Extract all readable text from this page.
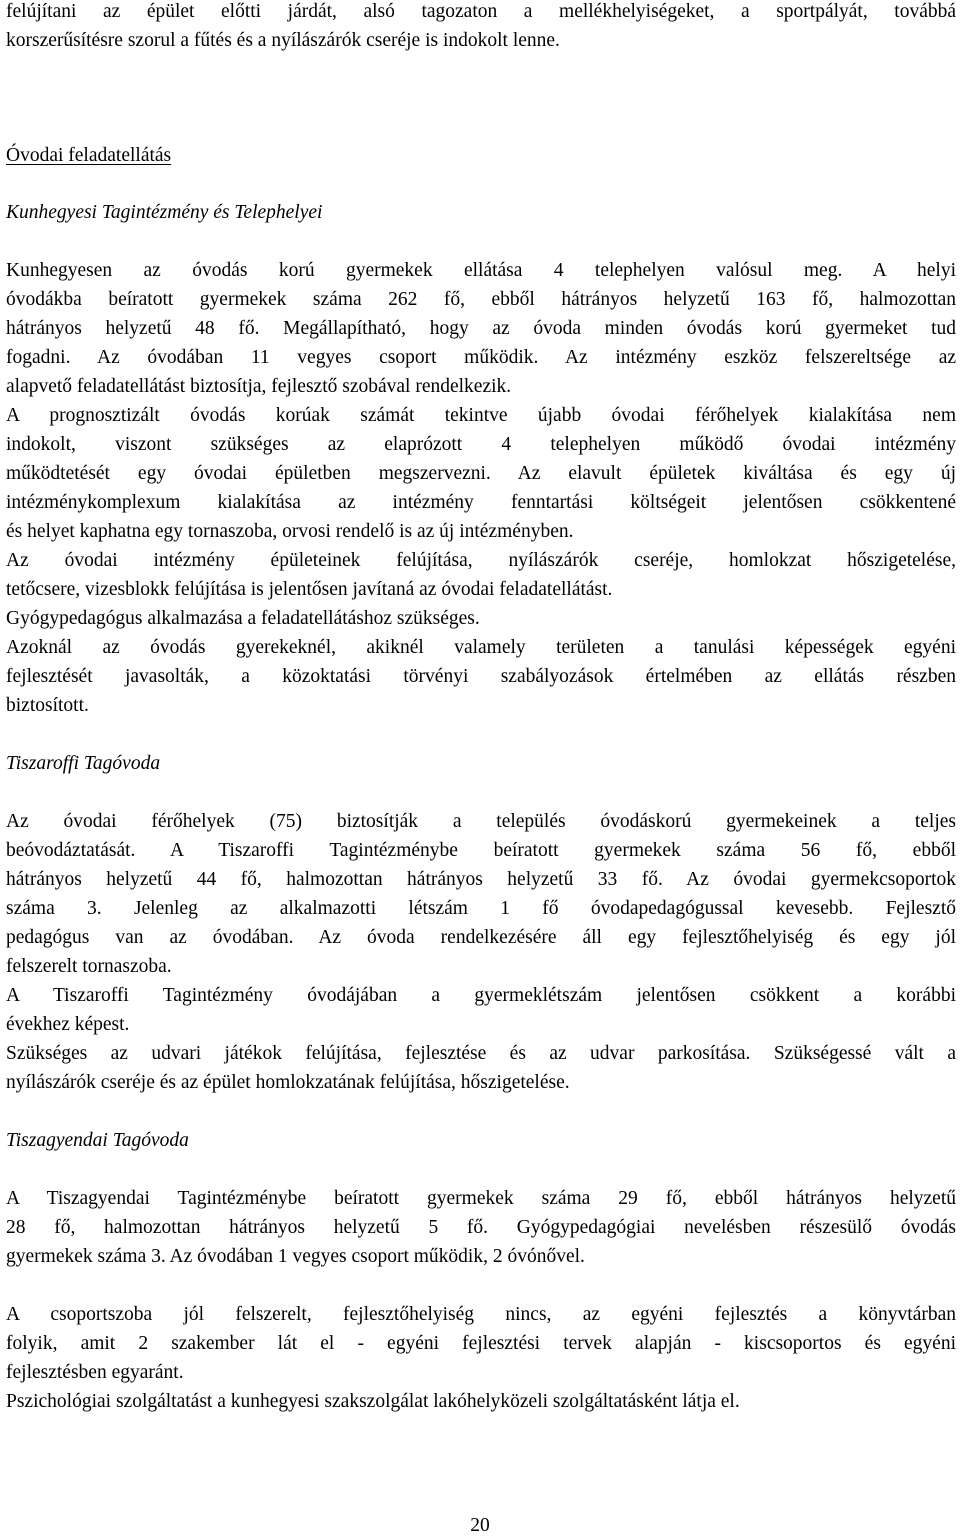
felújítani az épület előtti járdát, alsó tagozaton a mellékhelyiségeket, a sportpályát, továbbá
korszerűsítésre szorul a fűtés és a nyílászárók cseréje is indokolt lenne.
Óvodai feladatellátás
Kunhegyesi Tagintézmény és Telephelyei
Kunhegyesen az óvodás korú gyermekek ellátása 4 telephelyen valósul meg. A helyi
óvodákba beíratott gyermekek száma 262 fő, ebből hátrányos helyzetű 163 fő, halmozottan
hátrányos helyzetű 48 fő. Megállapítható, hogy az óvoda minden óvodás korú gyermeket tud
fogadni. Az óvodában 11 vegyes csoport működik. Az intézmény eszköz felszereltsége az
alapvető feladatellátást biztosítja, fejlesztő szobával rendelkezik.
A prognosztizált óvodás korúak számát tekintve újabb óvodai férőhelyek kialakítása nem
indokolt, viszont szükséges az elaprózott 4 telephelyen működő óvodai intézmény
működtetését egy óvodai épületben megszervezni. Az elavult épületek kiváltása és egy új
intézménykomplexum kialakítása az intézmény fenntartási költségeit jelentősen csökkentené
és helyet kaphatna egy tornaszoba, orvosi rendelő is az új intézményben.
Az óvodai intézmény épületeinek felújítása, nyílászárók cseréje, homlokzat hőszigetelése,
tetőcsere, vizesblokk felújítása is jelentősen javítaná az óvodai feladatellátást.
Gyógypedagógus alkalmazása a feladatellátáshoz szükséges.
Azoknál az óvodás gyerekeknél, akiknél valamely területen a tanulási képességek egyéni
fejlesztését javasolták, a közoktatási törvényi szabályozások értelmében az ellátás részben
biztosított.
Tiszaroffi Tagóvoda
Az óvodai férőhelyek (75) biztosítják a település óvodáskorú gyermekeinek a teljes
beóvodáztatását. A Tiszaroffi Tagintézménybe beíratott gyermekek száma 56 fő, ebből
hátrányos helyzetű 44 fő, halmozottan hátrányos helyzetű 33 fő. Az óvodai gyermekcsoportok
száma 3. Jelenleg az alkalmazotti létszám 1 fő óvodapedagógussal kevesebb. Fejlesztő
pedagógus van az óvodában. Az óvoda rendelkezésére áll egy fejlesztőhelyiség és egy jól
felszerelt tornaszoba.
A Tiszaroffi Tagintézmény óvodájában a gyermeklétszám jelentősen csökkent a korábbi
évekhez képest.
Szükséges az udvari játékok felújítása, fejlesztése és az udvar parkosítása. Szükségessé vált a
nyílászárók cseréje és az épület homlokzatának felújítása, hőszigetelése.
Tiszagyendai Tagóvoda
A Tiszagyendai Tagintézménybe beíratott gyermekek száma 29 fő, ebből hátrányos helyzetű
28 fő, halmozottan hátrányos helyzetű 5 fő. Gyógypedagógiai nevelésben részesülő óvodás
gyermekek száma 3. Az óvodában 1 vegyes csoport működik, 2 óvónővel.
A csoportszoba jól felszerelt, fejlesztőhelyiség nincs, az egyéni fejlesztés a könyvtárban
folyik, amit 2 szakember lát el - egyéni fejlesztési tervek alapján - kiscsoportos és egyéni
fejlesztésben egyaránt.
Pszichológiai szolgáltatást a kunhegyesi szakszolgálat lakóhelyközeli szolgáltatásként látja el.
20
